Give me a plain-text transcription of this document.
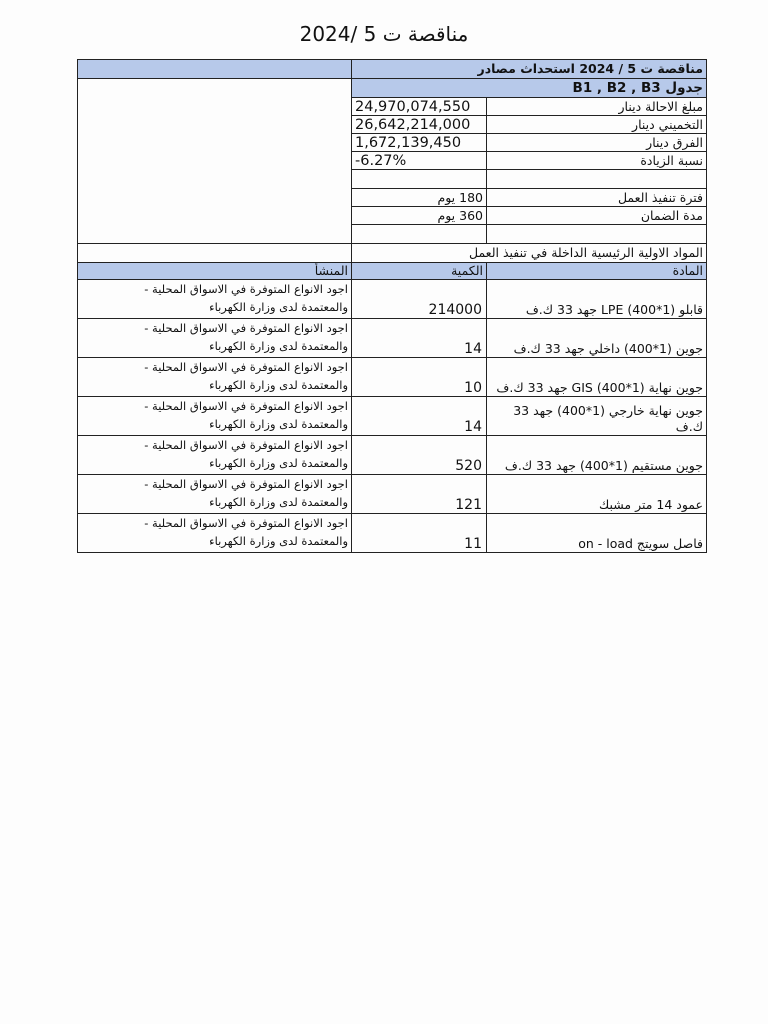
مناقصة ت 5 /2024
	مناقصة ت 5 / 2024 استحداث مصادر	
	جدول B1 , B2 , B3	
	24,970,074,550	مبلغ الاحالة دينار
	26,642,214,000	التخميني دينار
	1,672,139,450	الفرق دينار
	-6.27%	نسبة الزيادة

	180 يوم	فترة تنفيذ العمل
	360 يوم	مدة الضمان

	المواد الاولية الرئيسية الداخلة في تنفيذ العمل	
المنشأ	الكمية	المادة

اجود الانواع المتوفرة في الاسواق المحلية -
والمعتمدة لدى وزارة الكهرباء	214000	قابلو (1*400) LPE جهد 33 ك.ف

اجود الانواع المتوفرة في الاسواق المحلية -
والمعتمدة لدى وزارة الكهرباء	14	جوين (1*400) داخلي جهد 33 ك.ف

اجود الانواع المتوفرة في الاسواق المحلية -
والمعتمدة لدى وزارة الكهرباء	10	جوين نهاية (1*400) GIS جهد 33 ك.ف

اجود الانواع المتوفرة في الاسواق المحلية -
والمعتمدة لدى وزارة الكهرباء	14	جوين نهاية خارجي (1*400) جهد 33 ك.ف

اجود الانواع المتوفرة في الاسواق المحلية -
والمعتمدة لدى وزارة الكهرباء	520	جوين مستقيم (1*400) جهد 33 ك.ف

اجود الانواع المتوفرة في الاسواق المحلية -
والمعتمدة لدى وزارة الكهرباء	121	عمود 14 متر مشبك

اجود الانواع المتوفرة في الاسواق المحلية -
والمعتمدة لدى وزارة الكهرباء	11	فاصل سويتج on - load
